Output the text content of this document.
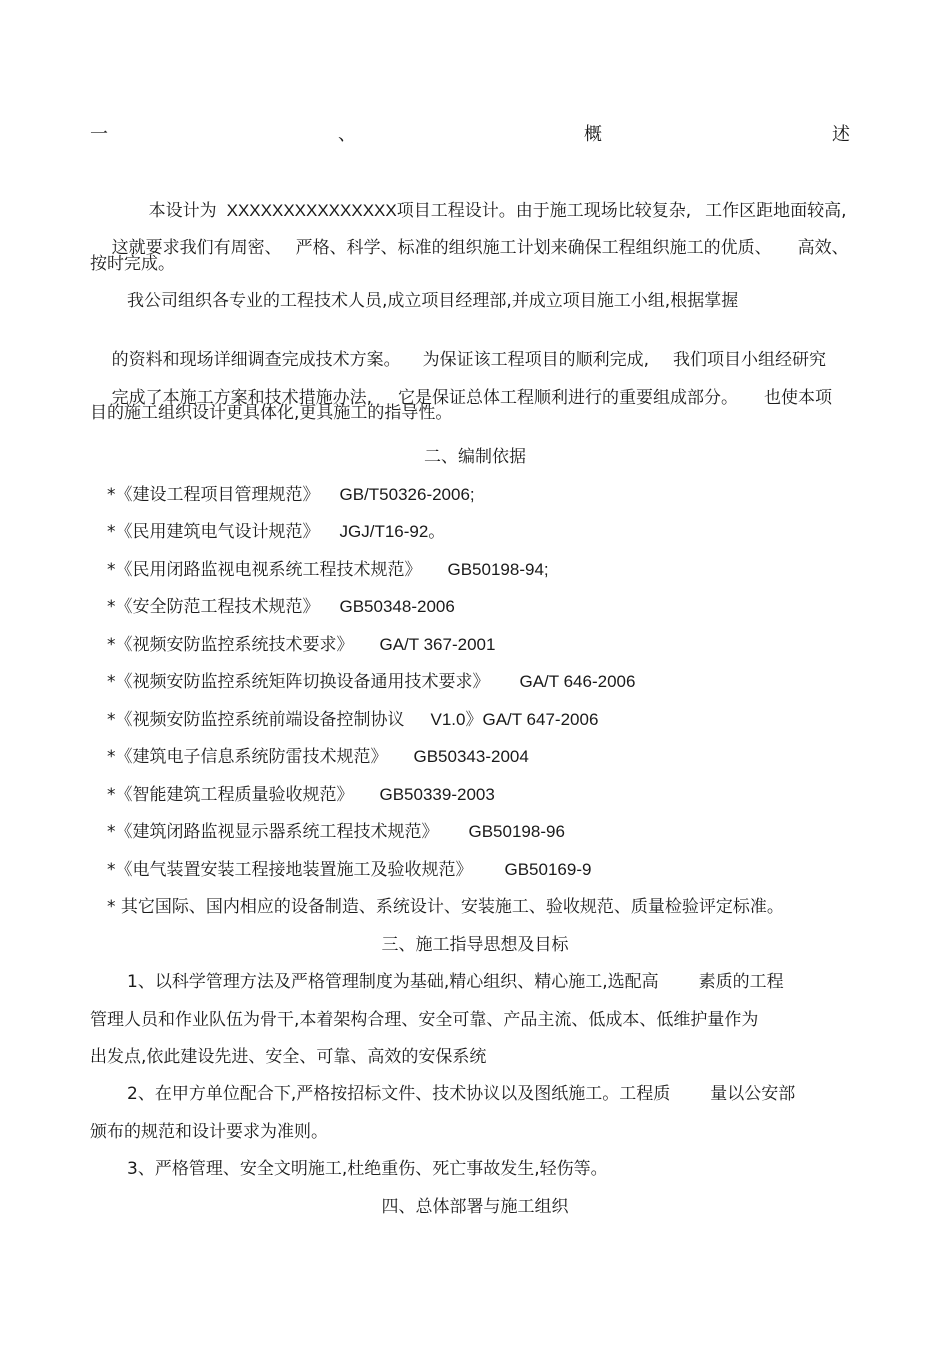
一	、	概	述

本设计为 XXXXXXXXXXXXXXX项目工程设计。由于施工现场比较复杂, 工作区距地面较高,

这就要求我们有周密、 严格、科学、标准的组织施工计划来确保工程组织施工的优质、 高效、

按时完成。
我公司组织各专业的工程技术人员,成立项目经理部,并成立项目施工小组,根据掌握

的资料和现场详细调查完成技术方案。 为保证该工程项目的顺利完成, 我们项目小组经研究

完成了本施工方案和技术措施办法, 它是保证总体工程顺利进行的重要组成部分。 也使本项

目的施工组织设计更具体化,更具施工的指导性。
二、编制依据
*《建设工程项目管理规范》 GB/T50326-2006;
*《民用建筑电气设计规范》 JGJ/T16-92。
*《民用闭路监视电视系统工程技术规范》 GB50198-94;
*《安全防范工程技术规范》 GB50348-2006
*《视频安防监控系统技术要求》 GA/T 367-2001
*《视频安防监控系统矩阵切换设备通用技术要求》 GA/T 646-2006
*《视频安防监控系统前端设备控制协议 V1.0》GA/T 647-2006
*《建筑电子信息系统防雷技术规范》 GB50343-2004
*《智能建筑工程质量验收规范》 GB50339-2003
*《建筑闭路监视显示器系统工程技术规范》 GB50198-96
*《电气装置安装工程接地装置施工及验收规范》 GB50169-9
* 其它国际、国内相应的设备制造、系统设计、安装施工、验收规范、质量检验评定标准。
三、施工指导思想及目标
1、以科学管理方法及严格管理制度为基础,精心组织、精心施工,选配高 素质的工程
管理人员和作业队伍为骨干,本着架构合理、安全可靠、产品主流、低成本、低维护量作为
出发点,依此建设先进、安全、可靠、高效的安保系统
2、在甲方单位配合下,严格按招标文件、技术协议以及图纸施工。工程质 量以公安部
颁布的规范和设计要求为准则。
3、严格管理、安全文明施工,杜绝重伤、死亡事故发生,轻伤等。
四、总体部署与施工组织
